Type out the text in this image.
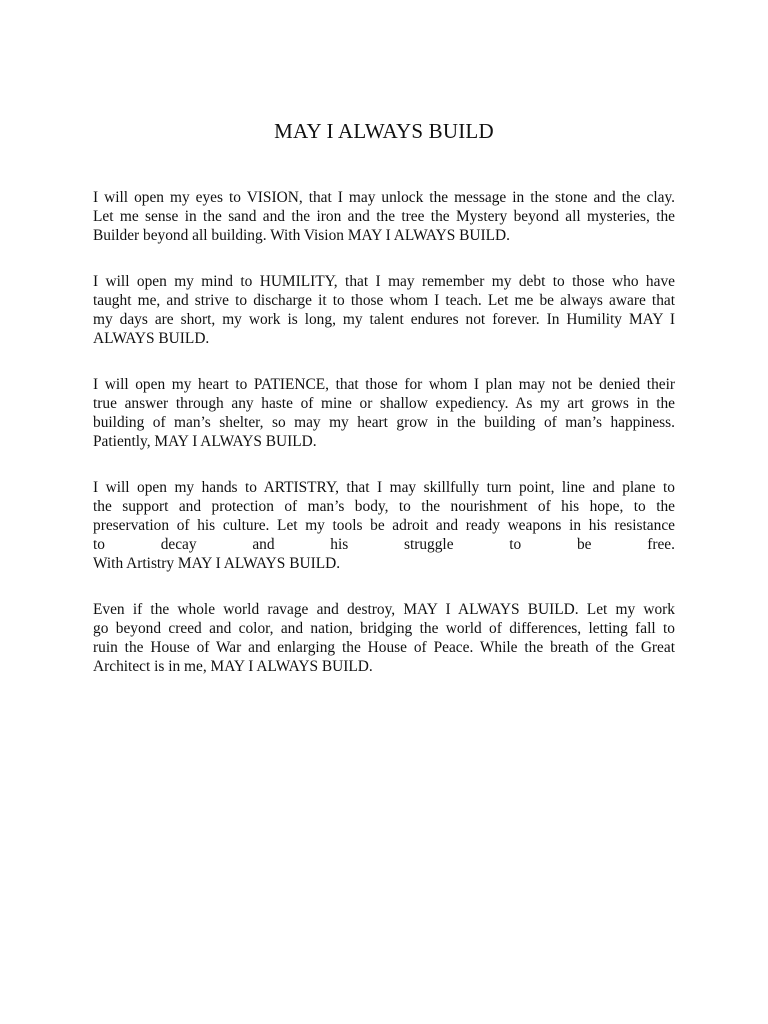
MAY I ALWAYS BUILD
I will open my eyes to VISION, that I may unlock the message in the stone and the clay.
Let me sense in the sand and the iron and the tree the Mystery beyond all mysteries, the
Builder beyond all building. With Vision MAY I ALWAYS BUILD.
I will open my mind to HUMILITY, that I may remember my debt to those who have
taught me, and strive to discharge it to those whom I teach. Let me be always aware that
my days are short, my work is long, my talent endures not forever. In Humility MAY I
ALWAYS BUILD.
I will open my heart to PATIENCE, that those for whom I plan may not be denied their
true answer through any haste of mine or shallow expediency. As my art grows in the
building of man’s shelter, so may my heart grow in the building of man’s happiness.
Patiently, MAY I ALWAYS BUILD.
I will open my hands to ARTISTRY, that I may skillfully turn point, line and plane to
the support and protection of man’s body, to the nourishment of his hope, to the
preservation of his culture. Let my tools be adroit and ready weapons in his resistance
to decay and his struggle to be free.
With Artistry MAY I ALWAYS BUILD.
Even if the whole world ravage and destroy, MAY I ALWAYS BUILD. Let my work
go beyond creed and color, and nation, bridging the world of differences, letting fall to
ruin the House of War and enlarging the House of Peace. While the breath of the Great
Architect is in me, MAY I ALWAYS BUILD.
